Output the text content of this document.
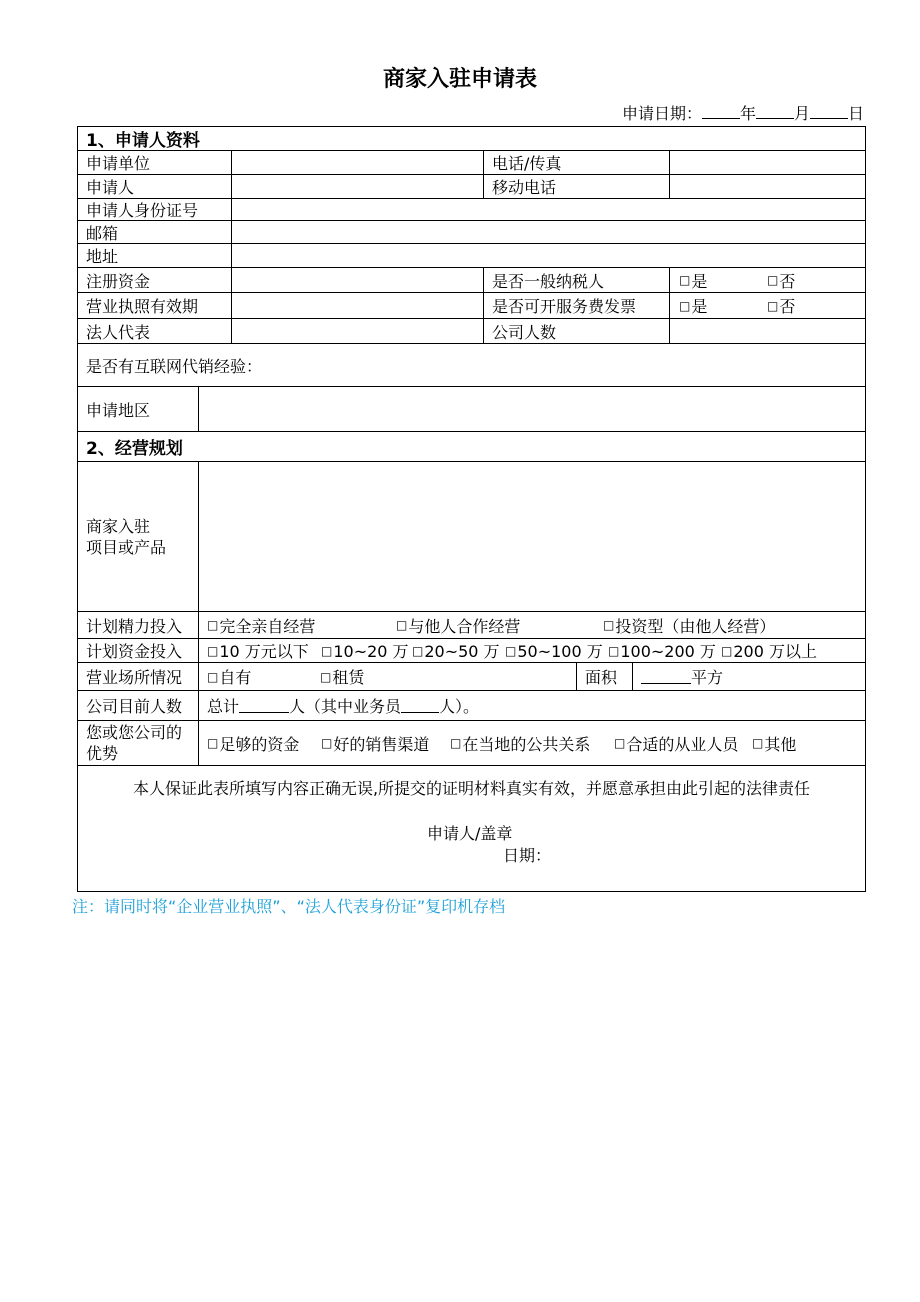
商家入驻申请表
申请日期： 年 月 日
1、申请人资料
申请单位	电话/传真
申请人	移动电话
申请人身份证号
邮箱
地址
注册资金	是否一般纳税人	□ 是	□ 否
营业执照有效期	是否可开服务费发票	□ 是	□ 否
法人代表	公司人数
是否有互联网代销经验：
申请地区
2、经营规划
商家入驻
项目或产品
计划精力投入	□ 完全亲自经营	□ 与他人合作经营	□ 投资型（由他人经营）
计划资金投入	□ 10 万元以下 □ 10~20 万 □ 20~50 万 □ 50~100 万 □ 100~200 万 □ 200 万以上
营业场所情况	□ 自有	□ 租赁	面积	平方
公司目前人数	总计	人（其中业务员 人）。
您或您公司的优势
□ 足够的资金 □ 好的销售渠道 □ 在当地的公共关系 □ 合适的从业人员 □ 其他
本人保证此表所填写内容正确无误,所提交的证明材料真实有效，并愿意承担由此引起的法律责任
申请人/盖章
日期：
注：请同时将“企业营业执照”、“法人代表身份证”复印机存档
